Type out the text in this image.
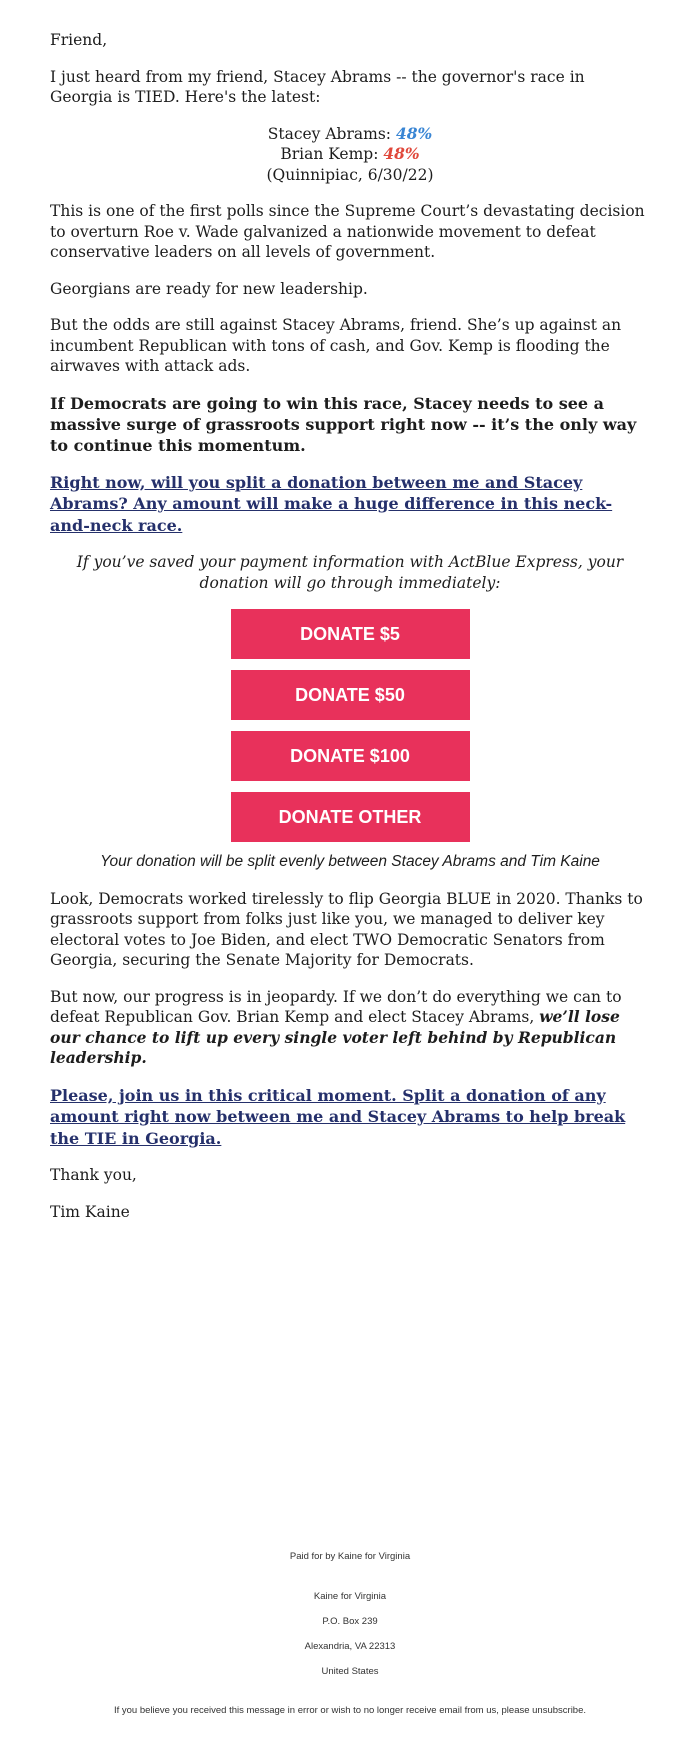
Friend,

I just heard from my friend, Stacey Abrams -- the governor's race in Georgia is TIED. Here's the latest:

Stacey Abrams: 48%
Brian Kemp: 48%
(Quinnipiac, 6/30/22)

This is one of the first polls since the Supreme Court’s devastating decision to overturn Roe v. Wade galvanized a nationwide movement to defeat conservative leaders on all levels of government.

Georgians are ready for new leadership.

But the odds are still against Stacey Abrams, friend. She’s up against an incumbent Republican with tons of cash, and Gov. Kemp is flooding the airwaves with attack ads.

If Democrats are going to win this race, Stacey needs to see a massive surge of grassroots support right now -- it’s the only way to continue this momentum.

Right now, will you split a donation between me and Stacey Abrams? Any amount will make a huge difference in this neck-and-neck race.

If you’ve saved your payment information with ActBlue Express, your donation will go through immediately:

DONATE $5
DONATE $50
DONATE $100
DONATE OTHER

Your donation will be split evenly between Stacey Abrams and Tim Kaine

Look, Democrats worked tirelessly to flip Georgia BLUE in 2020. Thanks to grassroots support from folks just like you, we managed to deliver key electoral votes to Joe Biden, and elect TWO Democratic Senators from Georgia, securing the Senate Majority for Democrats.

But now, our progress is in jeopardy. If we don’t do everything we can to defeat Republican Gov. Brian Kemp and elect Stacey Abrams, we’ll lose our chance to lift up every single voter left behind by Republican leadership.

Please, join us in this critical moment. Split a donation of any amount right now between me and Stacey Abrams to help break the TIE in Georgia.

Thank you,

Tim Kaine

Paid for by Kaine for Virginia
Kaine for Virginia
P.O. Box 239
Alexandria, VA 22313
United States
If you believe you received this message in error or wish to no longer receive email from us, please unsubscribe.
